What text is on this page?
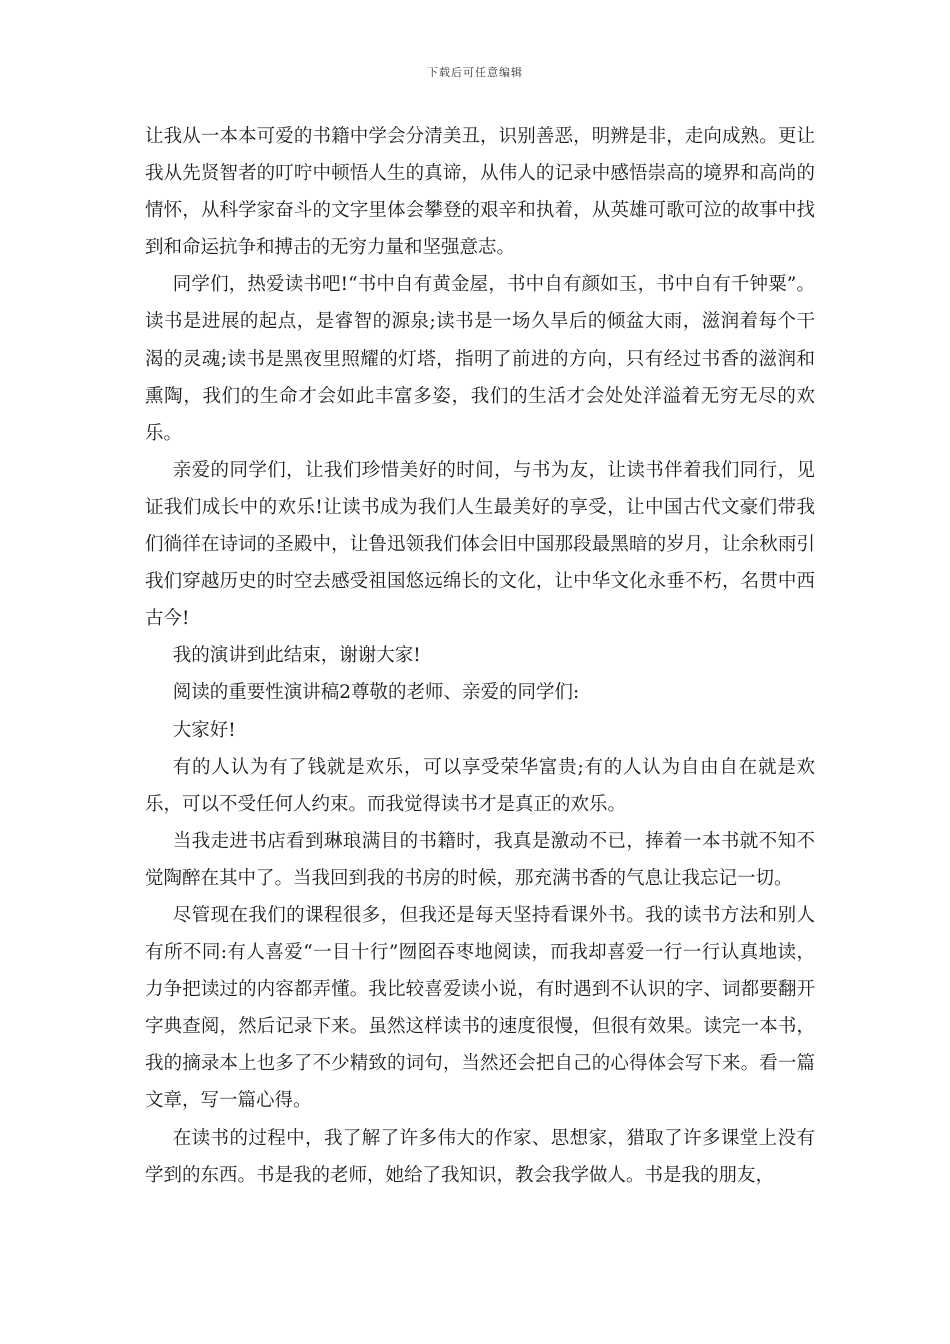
下载后可任意编辑

让我从一本本可爱的书籍中学会分清美丑，识别善恶，明辨是非，走向成熟。更让我从先贤智者的叮咛中顿悟人生的真谛，从伟人的记录中感悟崇高的境界和高尚的情怀，从科学家奋斗的文字里体会攀登的艰辛和执着，从英雄可歌可泣的故事中找到和命运抗争和搏击的无穷力量和坚强意志。

同学们，热爱读书吧!“书中自有黄金屋，书中自有颜如玉，书中自有千钟粟”。读书是进展的起点，是睿智的源泉;读书是一场久旱后的倾盆大雨，滋润着每个干渴的灵魂;读书是黑夜里照耀的灯塔，指明了前进的方向，只有经过书香的滋润和熏陶，我们的生命才会如此丰富多姿，我们的生活才会处处洋溢着无穷无尽的欢乐。

亲爱的同学们，让我们珍惜美好的时间，与书为友，让读书伴着我们同行，见证我们成长中的欢乐!让读书成为我们人生最美好的享受，让中国古代文豪们带我们徜徉在诗词的圣殿中，让鲁迅领我们体会旧中国那段最黑暗的岁月，让余秋雨引我们穿越历史的时空去感受祖国悠远绵长的文化，让中华文化永垂不朽，名贯中西古今!

我的演讲到此结束，谢谢大家!

阅读的重要性演讲稿2尊敬的老师、亲爱的同学们:

大家好!

有的人认为有了钱就是欢乐，可以享受荣华富贵;有的人认为自由自在就是欢乐，可以不受任何人约束。而我觉得读书才是真正的欢乐。

当我走进书店看到琳琅满目的书籍时，我真是激动不已，捧着一本书就不知不觉陶醉在其中了。当我回到我的书房的时候，那充满书香的气息让我忘记一切。

尽管现在我们的课程很多，但我还是每天坚持看课外书。我的读书方法和别人有所不同:有人喜爱“一目十行”囫囵吞枣地阅读，而我却喜爱一行一行认真地读，力争把读过的内容都弄懂。我比较喜爱读小说，有时遇到不认识的字、词都要翻开字典查阅，然后记录下来。虽然这样读书的速度很慢，但很有效果。读完一本书，我的摘录本上也多了不少精致的词句，当然还会把自己的心得体会写下来。看一篇文章，写一篇心得。

在读书的过程中，我了解了许多伟大的作家、思想家，猎取了许多课堂上没有学到的东西。书是我的老师，她给了我知识，教会我学做人。书是我的朋友，
